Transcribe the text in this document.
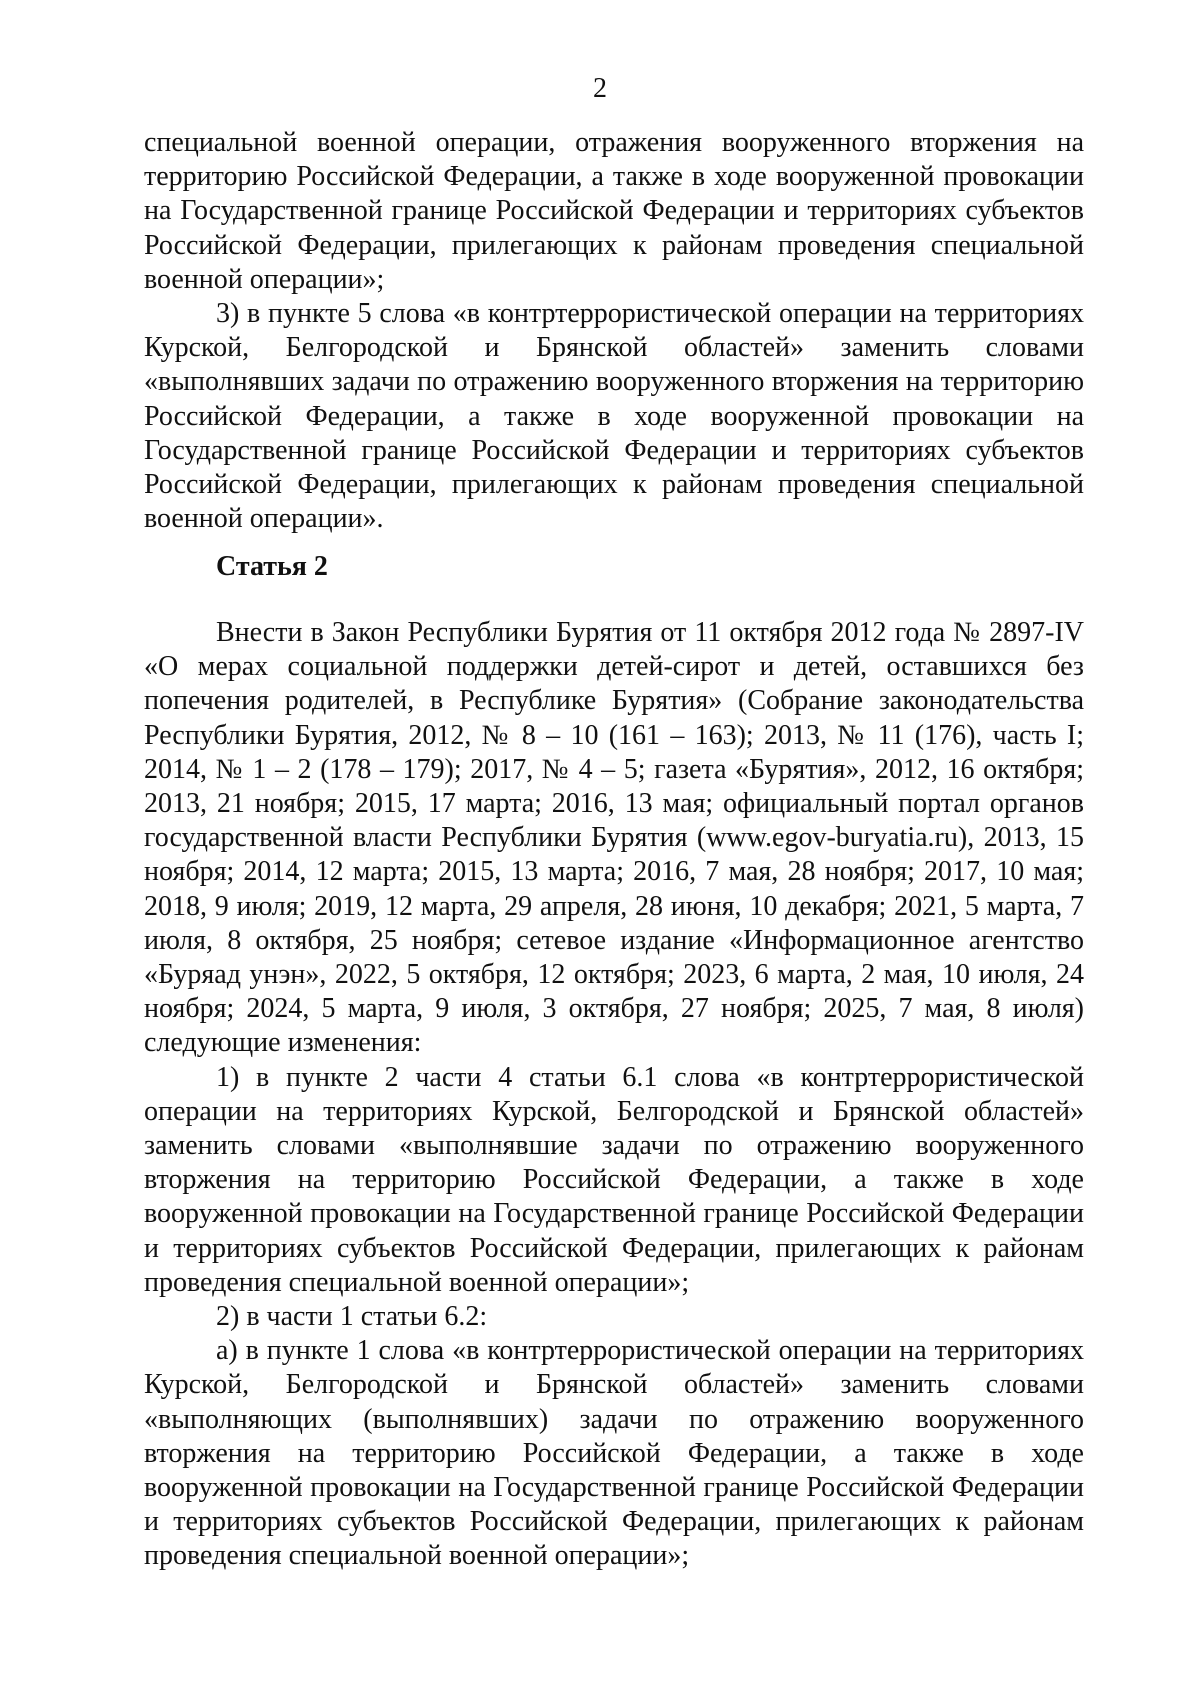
2

специальной военной операции, отражения вооруженного вторжения на территорию Российской Федерации, а также в ходе вооруженной провокации на Государственной границе Российской Федерации и территориях субъектов Российской Федерации, прилегающих к районам проведения специальной военной операции»;

3) в пункте 5 слова «в контртеррористической операции на территориях Курской, Белгородской и Брянской областей» заменить словами «выполнявших задачи по отражению вооруженного вторжения на территорию Российской Федерации, а также в ходе вооруженной провокации на Государственной границе Российской Федерации и территориях субъектов Российской Федерации, прилегающих к районам проведения специальной военной операции».

Статья 2

Внести в Закон Республики Бурятия от 11 октября 2012 года № 2897-IV «О мерах социальной поддержки детей-сирот и детей, оставшихся без попечения родителей, в Республике Бурятия» (Собрание законодательства Республики Бурятия, 2012, № 8 – 10 (161 – 163); 2013, № 11 (176), часть I; 2014, № 1 – 2 (178 – 179); 2017, № 4 – 5; газета «Бурятия», 2012, 16 октября; 2013, 21 ноября; 2015, 17 марта; 2016, 13 мая; официальный портал органов государственной власти Республики Бурятия (www.egov-buryatia.ru), 2013, 15 ноября; 2014, 12 марта; 2015, 13 марта; 2016, 7 мая, 28 ноября; 2017, 10 мая; 2018, 9 июля; 2019, 12 марта, 29 апреля, 28 июня, 10 декабря; 2021, 5 марта, 7 июля, 8 октября, 25 ноября; сетевое издание «Информационное агентство «Буряад унэн», 2022, 5 октября, 12 октября; 2023, 6 марта, 2 мая, 10 июля, 24 ноября; 2024, 5 марта, 9 июля, 3 октября, 27 ноября; 2025, 7 мая, 8 июля) следующие изменения:

1) в пункте 2 части 4 статьи 6.1 слова «в контртеррористической операции на территориях Курской, Белгородской и Брянской областей» заменить словами «выполнявшие задачи по отражению вооруженного вторжения на территорию Российской Федерации, а также в ходе вооруженной провокации на Государственной границе Российской Федерации и территориях субъектов Российской Федерации, прилегающих к районам проведения специальной военной операции»;

2) в части 1 статьи 6.2:

а) в пункте 1 слова «в контртеррористической операции на территориях Курской, Белгородской и Брянской областей» заменить словами «выполняющих (выполнявших) задачи по отражению вооруженного вторжения на территорию Российской Федерации, а также в ходе вооруженной провокации на Государственной границе Российской Федерации и территориях субъектов Российской Федерации, прилегающих к районам проведения специальной военной операции»;
